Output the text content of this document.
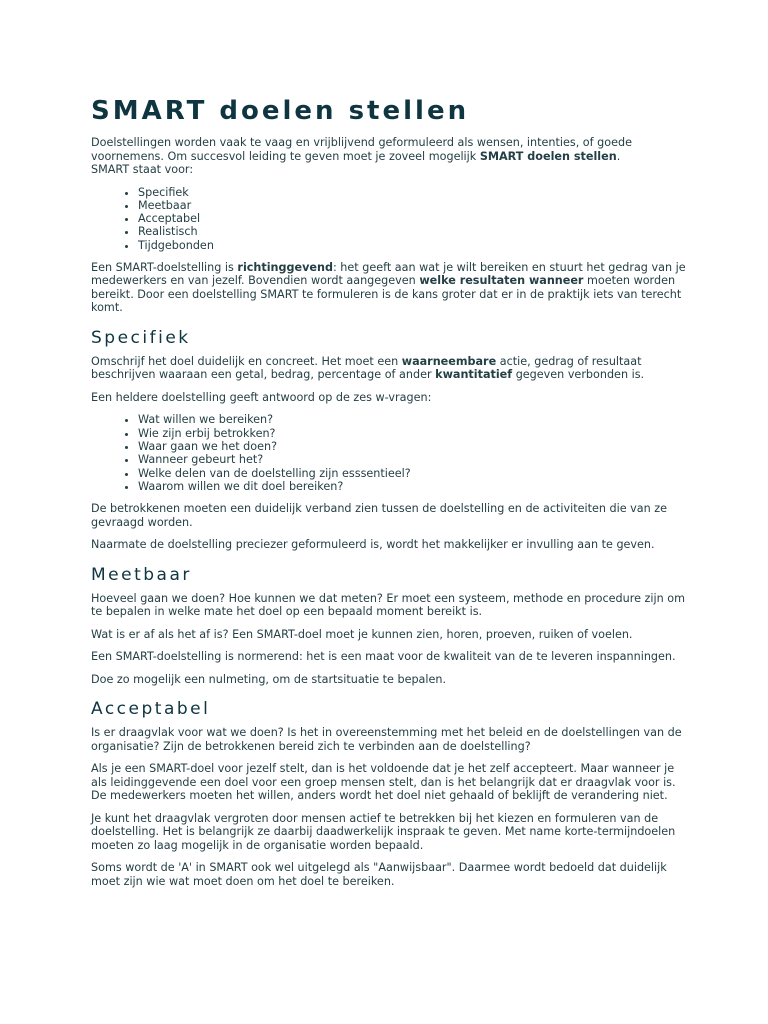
SMART doelen stellen

Doelstellingen worden vaak te vaag en vrijblijvend geformuleerd als wensen, intenties, of goede voornemens. Om succesvol leiding te geven moet je zoveel mogelijk SMART doelen stellen.
SMART staat voor:

• Specifiek
• Meetbaar
• Acceptabel
• Realistisch
• Tijdgebonden

Een SMART-doelstelling is richtinggevend: het geeft aan wat je wilt bereiken en stuurt het gedrag van je medewerkers en van jezelf. Bovendien wordt aangegeven welke resultaten wanneer moeten worden bereikt. Door een doelstelling SMART te formuleren is de kans groter dat er in de praktijk iets van terecht komt.

Specifiek

Omschrijf het doel duidelijk en concreet. Het moet een waarneembare actie, gedrag of resultaat beschrijven waaraan een getal, bedrag, percentage of ander kwantitatief gegeven verbonden is.

Een heldere doelstelling geeft antwoord op de zes w-vragen:

• Wat willen we bereiken?
• Wie zijn erbij betrokken?
• Waar gaan we het doen?
• Wanneer gebeurt het?
• Welke delen van de doelstelling zijn esssentieel?
• Waarom willen we dit doel bereiken?

De betrokkenen moeten een duidelijk verband zien tussen de doelstelling en de activiteiten die van ze gevraagd worden.

Naarmate de doelstelling preciezer geformuleerd is, wordt het makkelijker er invulling aan te geven.

Meetbaar

Hoeveel gaan we doen? Hoe kunnen we dat meten? Er moet een systeem, methode en procedure zijn om te bepalen in welke mate het doel op een bepaald moment bereikt is.

Wat is er af als het af is? Een SMART-doel moet je kunnen zien, horen, proeven, ruiken of voelen.

Een SMART-doelstelling is normerend: het is een maat voor de kwaliteit van de te leveren inspanningen.

Doe zo mogelijk een nulmeting, om de startsituatie te bepalen.

Acceptabel

Is er draagvlak voor wat we doen? Is het in overeenstemming met het beleid en de doelstellingen van de organisatie? Zijn de betrokkenen bereid zich te verbinden aan de doelstelling?

Als je een SMART-doel voor jezelf stelt, dan is het voldoende dat je het zelf accepteert. Maar wanneer je als leidinggevende een doel voor een groep mensen stelt, dan is het belangrijk dat er draagvlak voor is. De medewerkers moeten het willen, anders wordt het doel niet gehaald of beklijft de verandering niet.

Je kunt het draagvlak vergroten door mensen actief te betrekken bij het kiezen en formuleren van de doelstelling. Het is belangrijk ze daarbij daadwerkelijk inspraak te geven. Met name korte-termijndoelen moeten zo laag mogelijk in de organisatie worden bepaald.

Soms wordt de 'A' in SMART ook wel uitgelegd als "Aanwijsbaar". Daarmee wordt bedoeld dat duidelijk moet zijn wie wat moet doen om het doel te bereiken.
